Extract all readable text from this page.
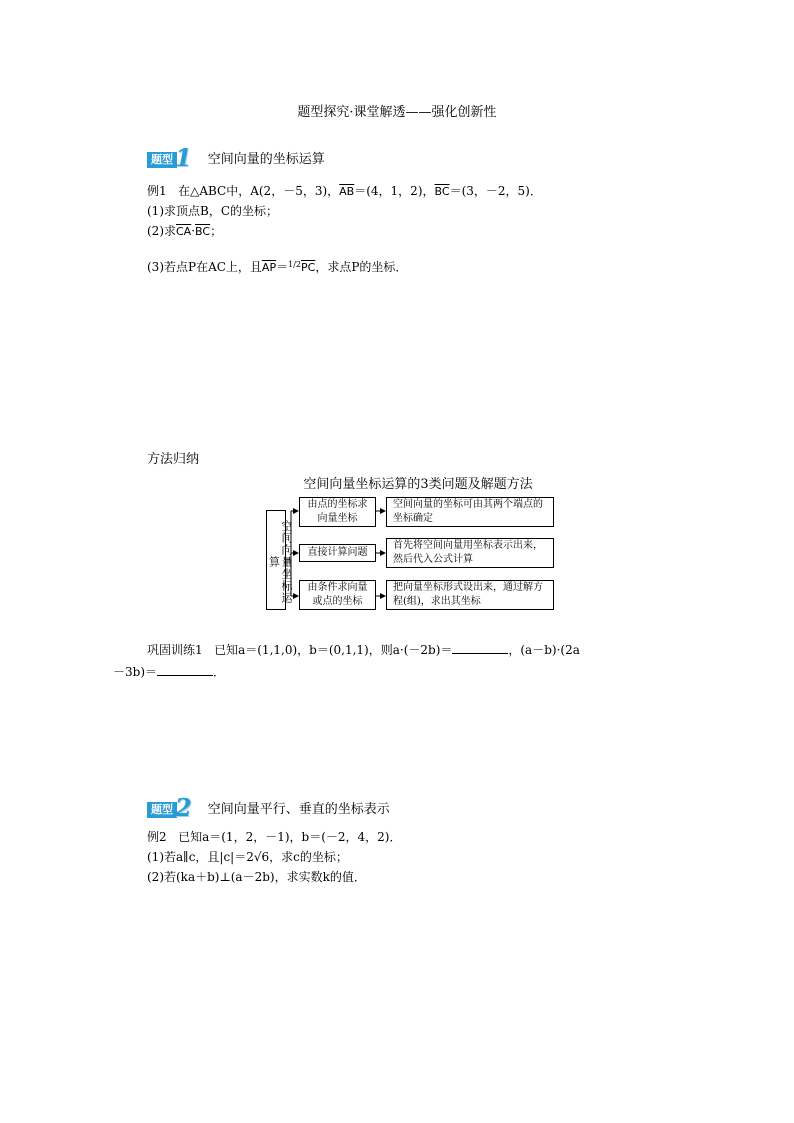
题型探究·课堂解透——强化创新性
题型 1 空间向量的坐标运算
例1 在△ABC中，A(2，－5，3)，$\overline{AB}=(4$，1，2)，$\overline{BC}=(3$，－2，5)．
(1)求顶点B，C的坐标；
(2)求$\overline{CA}\cdot\overline{BC}$；
(3)若点P在AC上，且$\overline{AP}=^{1/2}\overline{PC}$，求点P的坐标．
方法归纳
空间向量坐标运算的3类问题及解题方法
空间向量坐标运算
由点的坐标求向量坐标
空间向量的坐标可由其两个端点的坐标确定
直接计算问题
首先将空间向量用坐标表示出来，然后代入公式计算
由条件求向量或点的坐标
把向量坐标形式设出来，通过解方程(组)，求出其坐标
巩固训练1 已知a＝(1,1,0)，b＝(0,1,1)，则a·(－2b)＝	，(a－b)·(2a
－3b)＝	．
题型 2 空间向量平行、垂直的坐标表示
例2 已知a＝(1，2，－1)，b＝(－2，4，2)．
(1)若a∥c，且|c|＝2√6，求c的坐标；
(2)若(ka＋b)⊥(a－2b)，求实数k的值．
